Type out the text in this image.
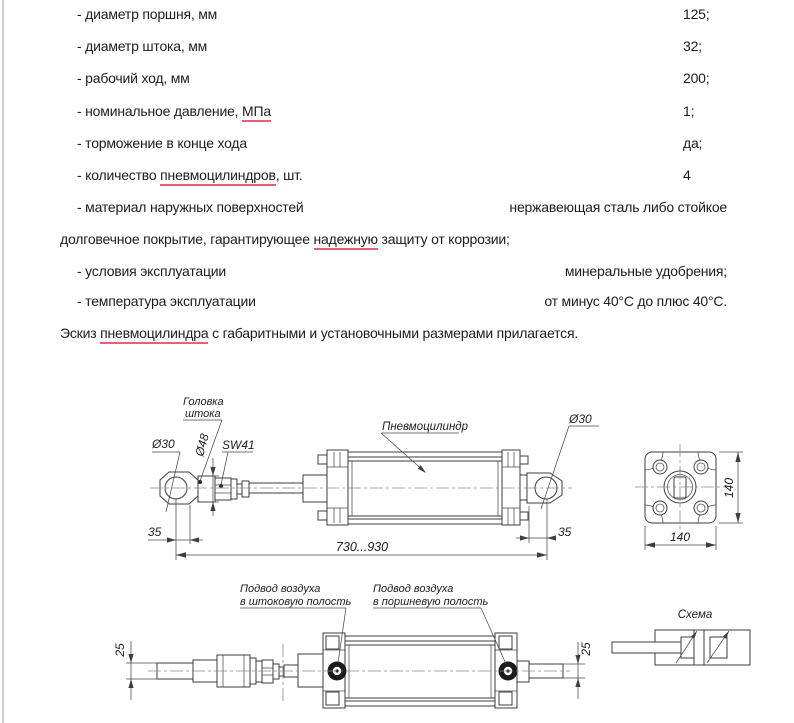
- диаметр поршня, мм	125;
- диаметр штока, мм	32;
- рабочий ход, мм	200;
- номинальное давление, МПа	1;
- торможение в конце хода	да;
- количество пневмоцилиндров, шт.	4
- материал наружных поверхностей	нержавеющая сталь либо стойкое
долговечное покрытие, гарантирующее надежную защиту от коррозии;
- условия эксплуатации	минеральные удобрения;
- температура эксплуатации	от минус 40°C до плюс 40°C.
Эскиз пневмоцилиндра с габаритными и установочными размерами прилагается.
Головка
штока
Ø30 Ø48 SW41
Пневмоцилиндр
Ø30
35	35
730...930
140
140
Подвод воздуха
в штоковую полость
Подвод воздуха
в поршневую полость
25	25
Схема
